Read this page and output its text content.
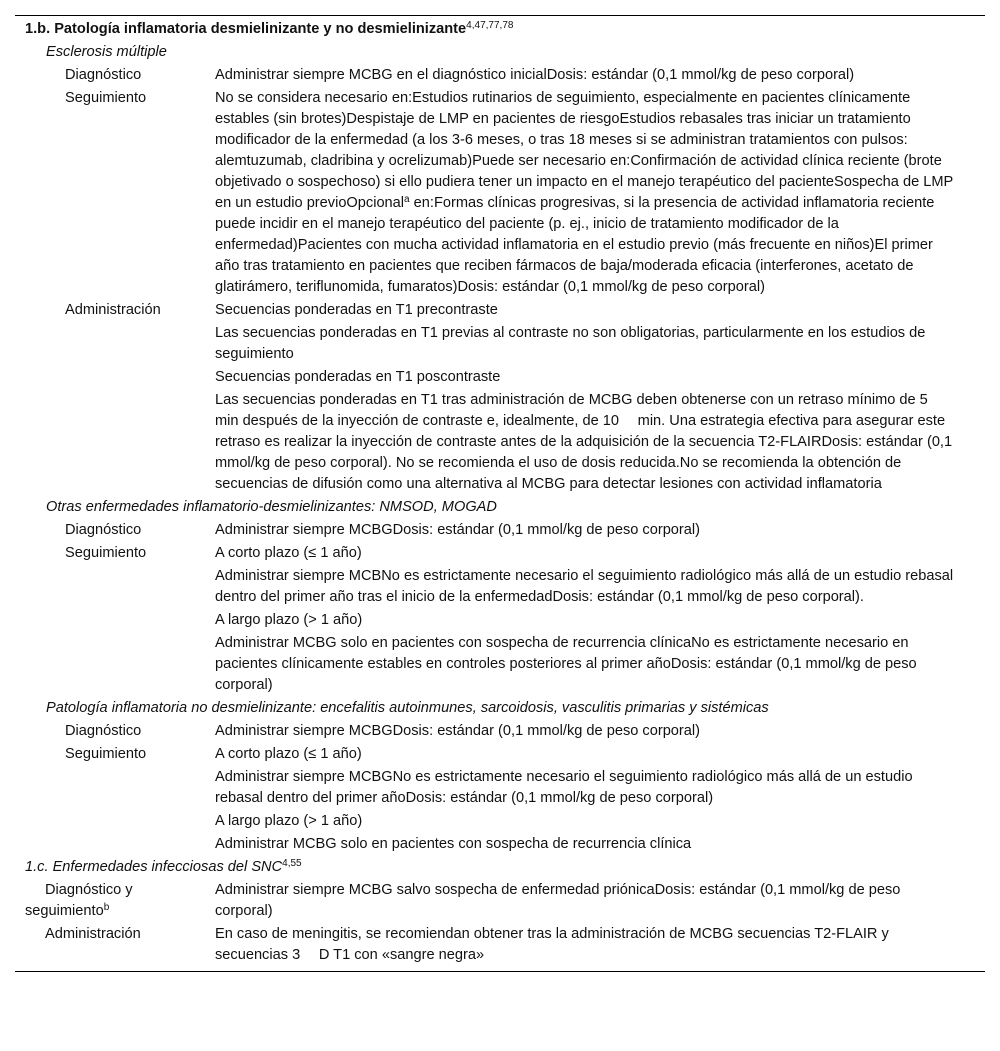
1.b. Patología inflamatoria desmielinizante y no desmielinizante$^{4,47,77,78}$
Esclerosis múltiple	
Diagnóstico	Administrar siempre MCBG en el diagnóstico inicialDosis: estándar (0,1 mmol/kg de peso corporal)
Seguimiento	No se considera necesario en:Estudios rutinarios de seguimiento, especialmente en pacientes clínicamente estables (sin brotes)Despistaje de LMP en pacientes de riesgoEstudios rebasales tras iniciar un tratamiento modificador de la enfermedad (a los 3-6 meses, o tras 18 meses si se administran tratamientos con pulsos: alemtuzumab, cladribina y ocrelizumab)Puede ser necesario en:Confirmación de actividad clínica reciente (brote objetivado o sospechoso) si ello pudiera tener un impacto en el manejo terapéutico del pacienteSospecha de LMP en un estudio previoOpcional$^a$ en:Formas clínicas progresivas, si la presencia de actividad inflamatoria reciente puede incidir en el manejo terapéutico del paciente (p. ej., inicio de tratamiento modificador de la enfermedad)Pacientes con mucha actividad inflamatoria en el estudio previo (más frecuente en niños)El primer año tras tratamiento en pacientes que reciben fármacos de baja/moderada eficacia (interferones, acetato de glatirámero, teriflunomida, fumaratos)Dosis: estándar (0,1 mmol/kg de peso corporal)
Administración	Secuencias ponderadas en T1 precontraste
	Las secuencias ponderadas en T1 previas al contraste no son obligatorias, particularmente en los estudios de seguimiento
	Secuencias ponderadas en T1 poscontraste
	Las secuencias ponderadas en T1 tras administración de MCBG deben obtenerse con un retraso mínimo de 5  min después de la inyección de contraste e, idealmente, de 10  min. Una estrategia efectiva para asegurar este retraso es realizar la inyección de contraste antes de la adquisición de la secuencia T2-FLAIRDosis: estándar (0,1 mmol/kg de peso corporal). No se recomienda el uso de dosis reducida.No se recomienda la obtención de secuencias de difusión como una alternativa al MCBG para detectar lesiones con actividad inflamatoria
Otras enfermedades inflamatorio-desmielinizantes: NMSOD, MOGAD	
Diagnóstico	Administrar siempre MCBGDosis: estándar (0,1 mmol/kg de peso corporal)
Seguimiento	A corto plazo (≤ 1 año)
	Administrar siempre MCBNo es estrictamente necesario el seguimiento radiológico más allá de un estudio rebasal dentro del primer año tras el inicio de la enfermedadDosis: estándar (0,1 mmol/kg de peso corporal).
	A largo plazo (> 1 año)
	Administrar MCBG solo en pacientes con sospecha de recurrencia clínicaNo es estrictamente necesario en pacientes clínicamente estables en controles posteriores al primer añoDosis: estándar (0,1 mmol/kg de peso corporal)
Patología inflamatoria no desmielinizante: encefalitis autoinmunes, sarcoidosis, vasculitis primarias y sistémicas	
Diagnóstico	Administrar siempre MCBGDosis: estándar (0,1 mmol/kg de peso corporal)
Seguimiento	A corto plazo (≤ 1 año)
	Administrar siempre MCBGNo es estrictamente necesario el seguimiento radiológico más allá de un estudio rebasal dentro del primer añoDosis: estándar (0,1 mmol/kg de peso corporal)
	A largo plazo (> 1 año)
	Administrar MCBG solo en pacientes con sospecha de recurrencia clínica
1.c. Enfermedades infecciosas del SNC$^{4,55}$
Diagnóstico y seguimiento$^b$	Administrar siempre MCBG salvo sospecha de enfermedad priónicaDosis: estándar (0,1 mmol/kg de peso corporal)
Administración	En caso de meningitis, se recomiendan obtener tras la administración de MCBG secuencias T2-FLAIR y secuencias 3  D T1 con «sangre negra»
